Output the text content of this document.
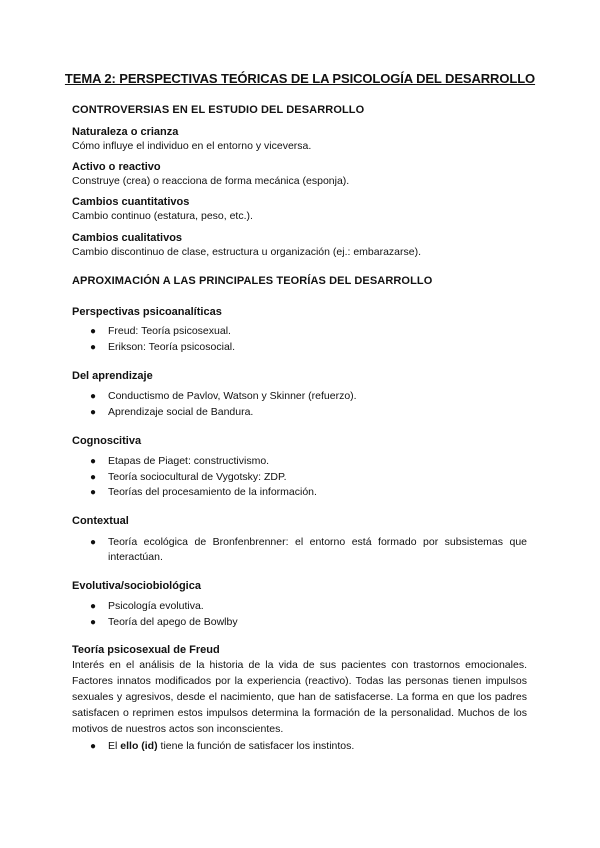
TEMA 2: PERSPECTIVAS TEÓRICAS DE LA PSICOLOGÍA DEL DESARROLLO
CONTROVERSIAS EN EL ESTUDIO DEL DESARROLLO
Naturaleza o crianza
Cómo influye el individuo en el entorno y viceversa.
Activo o reactivo
Construye (crea) o reacciona de forma mecánica (esponja).
Cambios cuantitativos
Cambio continuo (estatura, peso, etc.).
Cambios cualitativos
Cambio discontinuo de clase, estructura u organización (ej.: embarazarse).
APROXIMACIÓN A LAS PRINCIPALES TEORÍAS DEL DESARROLLO
Perspectivas psicoanalíticas
● Freud: Teoría psicosexual.
● Erikson: Teoría psicosocial.
Del aprendizaje
● Conductismo de Pavlov, Watson y Skinner (refuerzo).
● Aprendizaje social de Bandura.
Cognoscitiva
● Etapas de Piaget: constructivismo.
● Teoría sociocultural de Vygotsky: ZDP.
● Teorías del procesamiento de la información.
Contextual
● Teoría ecológica de Bronfenbrenner: el entorno está formado por subsistemas que interactúan.
Evolutiva/sociobiológica
● Psicología evolutiva.
● Teoría del apego de Bowlby
Teoría psicosexual de Freud
Interés en el análisis de la historia de la vida de sus pacientes con trastornos emocionales. Factores innatos modificados por la experiencia (reactivo). Todas las personas tienen impulsos sexuales y agresivos, desde el nacimiento, que han de satisfacerse. La forma en que los padres satisfacen o reprimen estos impulsos determina la formación de la personalidad. Muchos de los motivos de nuestros actos son inconscientes.
● El ello (id) tiene la función de satisfacer los instintos.
